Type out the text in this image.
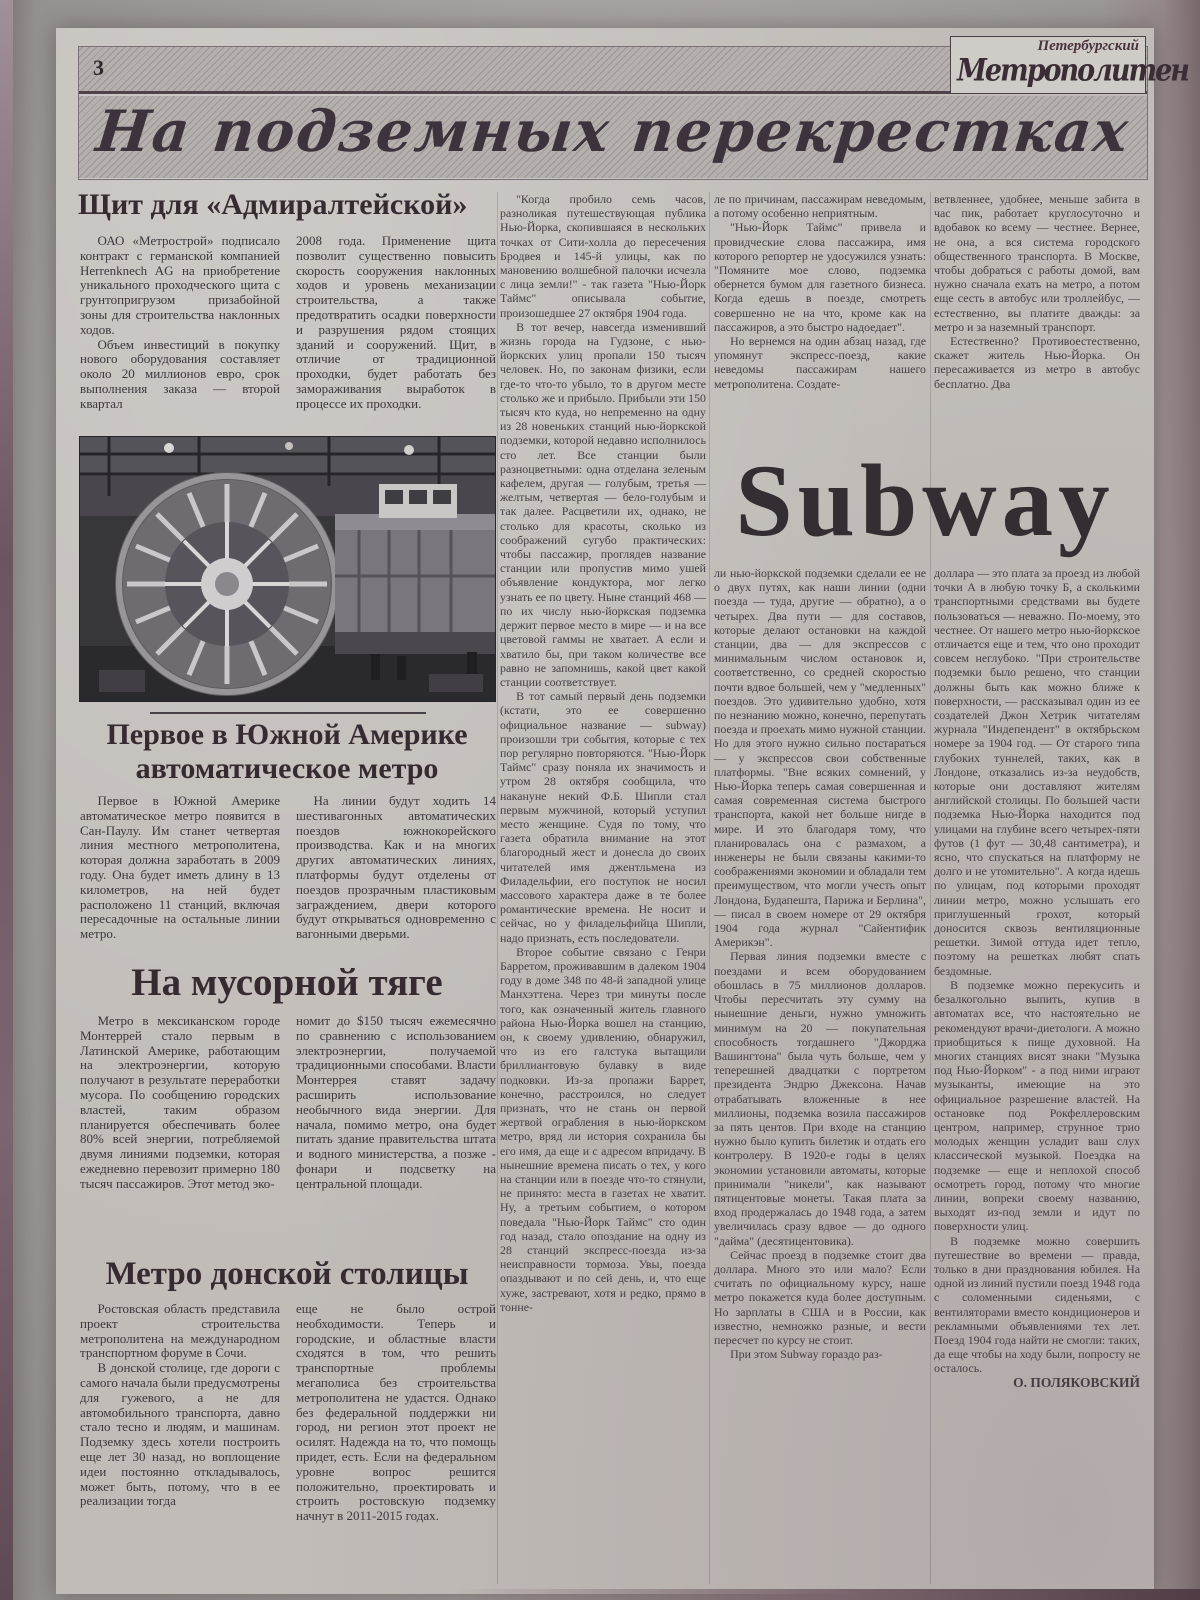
3
На подземных перекрестках
Петербургский
Метрополитен
Щит для «Адмиралтейской»

ОАО «Метрострой» подписало контракт с германской компанией Herrenknech AG на приобретение уникального проходческого щита с грунтопригрузом призабойной зоны для строительства наклонных ходов.

Объем инвестиций в покупку нового оборудования составляет около 20 миллионов евро, срок выполнения заказа — второй квартал

2008 года. Применение щита позволит существенно повысить скорость сооружения наклонных ходов и уровень механизации строительства, а также предотвратить осадки поверхности и разрушения рядом стоящих зданий и сооружений. Щит, в отличие от традиционной проходки, будет работать без замораживания выработок в процессе их проходки.

Первое в Южной Америке
автоматическое метро

Первое в Южной Америке автоматическое метро появится в Сан-Паулу. Им станет четвертая линия местного метрополитена, которая должна заработать в 2009 году. Она будет иметь длину в 13 километров, на ней будет расположено 11 станций, включая пересадочные на остальные линии метро.

На линии будут ходить 14 шестивагонных автоматических поездов южнокорейского производства. Как и на многих других автоматических линиях, платформы будут отделены от поездов прозрачным пластиковым заграждением, двери которого будут открываться одновременно с вагонными дверьми.

На мусорной тяге

Метро в мексиканском городе Монтеррей стало первым в Латинской Америке, работающим на электроэнергии, которую получают в результате переработки мусора. По сообщению городских властей, таким образом планируется обеспечивать более 80% всей энергии, потребляемой двумя линиями подземки, которая ежедневно перевозит примерно 180 тысяч пассажиров. Этот метод эко-

номит до $150 тысяч ежемесячно по сравнению с использованием электроэнергии, получаемой традиционными способами. Власти Монтеррея ставят задачу расширить использование необычного вида энергии. Для начала, помимо метро, она будет питать здание правительства штата и водного министерства, а позже - фонари и подсветку на центральной площади.

Метро донской столицы

Ростовская область представила проект строительства метрополитена на международном транспортном форуме в Сочи.

В донской столице, где дороги с самого начала были предусмотрены для гужевого, а не для автомобильного транспорта, давно стало тесно и людям, и машинам. Подземку здесь хотели построить еще лет 30 назад, но воплощение идеи постоянно откладывалось, может быть, потому, что в ее реализации тогда

еще не было острой необходимости. Теперь и городские, и областные власти сходятся в том, что решить транспортные проблемы мегаполиса без строительства метрополитена не удастся. Однако без федеральной поддержки ни город, ни регион этот проект не осилят. Надежда на то, что помощь придет, есть. Если на федеральном уровне вопрос решится положительно, проектировать и строить ростовскую подземку начнут в 2011-2015 годах.

"Когда пробило семь часов, разноликая путешествующая публика Нью-Йорка, скопившаяся в нескольких точках от Сити-холла до пересечения Бродвея и 145-й улицы, как по мановению волшебной палочки исчезла с лица земли!" - так газета "Нью-Йорк Таймс" описывала событие, произошедшее 27 октября 1904 года.

В тот вечер, навсегда изменивший жизнь города на Гудзоне, с нью-йоркских улиц пропали 150 тысяч человек. Но, по законам физики, если где-то что-то убыло, то в другом месте столько же и прибыло. Прибыли эти 150 тысяч кто куда, но непременно на одну из 28 новеньких станций нью-йоркской подземки, которой недавно исполнилось сто лет. Все станции были разноцветными: одна отделана зеленым кафелем, другая — голубым, третья — желтым, четвертая — бело-голубым и так далее. Расцветили их, однако, не столько для красоты, сколько из соображений сугубо практических: чтобы пассажир, проглядев название станции или пропустив мимо ушей объявление кондуктора, мог легко узнать ее по цвету. Ныне станций 468 — по их числу нью-йоркская подземка держит первое место в мире — и на все цветовой гаммы не хватает. А если и хватило бы, при таком количестве все равно не запомнишь, какой цвет какой станции соответствует.

В тот самый первый день подземки (кстати, это ее совершенно официальное название — subway) произошли три события, которые с тех пор регулярно повторяются. "Нью-Йорк Таймс" сразу поняла их значимость и утром 28 октября сообщила, что накануне некий Ф.Б. Шипли стал первым мужчиной, который уступил место женщине. Судя по тому, что газета обратила внимание на этот благородный жест и донесла до своих читателей имя джентльмена из Филадельфии, его поступок не носил массового характера даже в те более романтические времена. Не носит и сейчас, но у филадельфийца Шипли, надо признать, есть последователи.

Второе событие связано с Генри Барретом, проживавшим в далеком 1904 году в доме 348 по 48-й западной улице Манхэттена. Через три минуты после того, как означенный житель главного района Нью-Йорка вошел на станцию, он, к своему удивлению, обнаружил, что из его галстука вытащили бриллиантовую булавку в виде подковки. Из-за пропажи Баррет, конечно, расстроился, но следует признать, что не стань он первой жертвой ограбления в нью-йоркском метро, вряд ли история сохранила бы его имя, да еще и с адресом впридачу. В нынешние времена писать о тех, у кого на станции или в поезде что-то стянули, не принято: места в газетах не хватит. Ну, а третьим событием, о котором поведала "Нью-Йорк Таймс" сто один год назад, стало опоздание на одну из 28 станций экспресс-поезда из-за неисправности тормоза. Увы, поезда опаздывают и по сей день, и, что еще хуже, застревают, хотя и редко, прямо в тонне-

ле по причинам, пассажирам неведомым, а потому особенно неприятным.

"Нью-Йорк Таймс" привела и провидческие слова пассажира, имя которого репортер не удосужился узнать: "Помяните мое слово, подземка обернется бумом для газетного бизнеса. Когда едешь в поезде, смотреть совершенно не на что, кроме как на пассажиров, а это быстро надоедает".

Но вернемся на один абзац назад, где упомянут экспресс-поезд, какие неведомы пассажирам нашего метрополитена. Создате-

ветвленнее, удобнее, меньше забита в час пик, работает круглосуточно и вдобавок ко всему — честнее. Вернее, не она, а вся система городского общественного транспорта. В Москве, чтобы добраться с работы домой, вам нужно сначала ехать на метро, а потом еще сесть в автобус или троллейбус, — естественно, вы платите дважды: за метро и за наземный транспорт.

Естественно? Противоестественно, скажет житель Нью-Йорка. Он пересаживается из метро в автобус бесплатно. Два

Subway

ли нью-йоркской подземки сделали ее не о двух путях, как наши линии (одни поезда — туда, другие — обратно), а о четырех. Два пути — для составов, которые делают остановки на каждой станции, два — для экспрессов с минимальным числом остановок и, соответственно, со средней скоростью почти вдвое большей, чем у "медленных" поездов. Это удивительно удобно, хотя по незнанию можно, конечно, перепутать поезда и проехать мимо нужной станции. Но для этого нужно сильно постараться — у экспрессов свои собственные платформы. "Вне всяких сомнений, у Нью-Йорка теперь самая совершенная и самая современная система быстрого транспорта, какой нет больше нигде в мире. И это благодаря тому, что планировалась она с размахом, а инженеры не были связаны какими-то соображениями экономии и обладали тем преимуществом, что могли учесть опыт Лондона, Будапешта, Парижа и Берлина", — писал в своем номере от 29 октября 1904 года журнал "Сайентифик Америкэн".

Первая линия подземки вместе с поездами и всем оборудованием обошлась в 75 миллионов долларов. Чтобы пересчитать эту сумму на нынешние деньги, нужно умножить минимум на 20 — покупательная способность тогдашнего "Джорджа Вашингтона" была чуть больше, чем у теперешней двадцатки с портретом президента Эндрю Джексона. Начав отрабатывать вложенные в нее миллионы, подземка возила пассажиров за пять центов. При входе на станцию нужно было купить билетик и отдать его контролеру. В 1920-е годы в целях экономии установили автоматы, которые принимали "никели", как называют пятицентовые монеты. Такая плата за вход продержалась до 1948 года, а затем увеличилась сразу вдвое — до одного "дайма" (десятицентовика).

Сейчас проезд в подземке стоит два доллара. Много это или мало? Если считать по официальному курсу, наше метро покажется куда более доступным. Но зарплаты в США и в России, как известно, немножко разные, и вести пересчет по курсу не стоит.

При этом Subway гораздо раз-

доллара — это плата за проезд из любой точки А в любую точку Б, а сколькими транспортными средствами вы будете пользоваться — неважно. По-моему, это честнее. От нашего метро нью-йоркское отличается еще и тем, что оно проходит совсем неглубоко. "При строительстве подземки было решено, что станции должны быть как можно ближе к поверхности, — рассказывал один из ее создателей Джон Хетрик читателям журнала "Индепендент" в октябрьском номере за 1904 год. — От старого типа глубоких туннелей, таких, как в Лондоне, отказались из-за неудобств, которые они доставляют жителям английской столицы. По большей части подземка Нью-Йорка находится под улицами на глубине всего четырех-пяти футов (1 фут — 30,48 сантиметра), и ясно, что спускаться на платформу не долго и не утомительно". А когда идешь по улицам, под которыми проходят линии метро, можно услышать его приглушенный грохот, который доносится сквозь вентиляционные решетки. Зимой оттуда идет тепло, поэтому на решетках любят спать бездомные.

В подземке можно перекусить и безалкогольно выпить, купив в автоматах все, что настоятельно не рекомендуют врачи-диетологи. А можно приобщиться к пище духовной. На многих станциях висят знаки "Музыка под Нью-Йорком" - а под ними играют музыканты, имеющие на это официальное разрешение властей. На остановке под Рокфеллеровским центром, например, струнное трио молодых женщин усладит ваш слух классической музыкой. Поездка на подземке — еще и неплохой способ осмотреть город, потому что многие линии, вопреки своему названию, выходят из-под земли и идут по поверхности улиц.

В подземке можно совершить путешествие во времени — правда, только в дни празднования юбилея. На одной из линий пустили поезд 1948 года с соломенными сиденьями, с вентиляторами вместо кондиционеров и рекламными объявлениями тех лет. Поезд 1904 года найти не смогли: таких, да еще чтобы на ходу были, попросту не осталось.

О. ПОЛЯКОВСКИЙ
